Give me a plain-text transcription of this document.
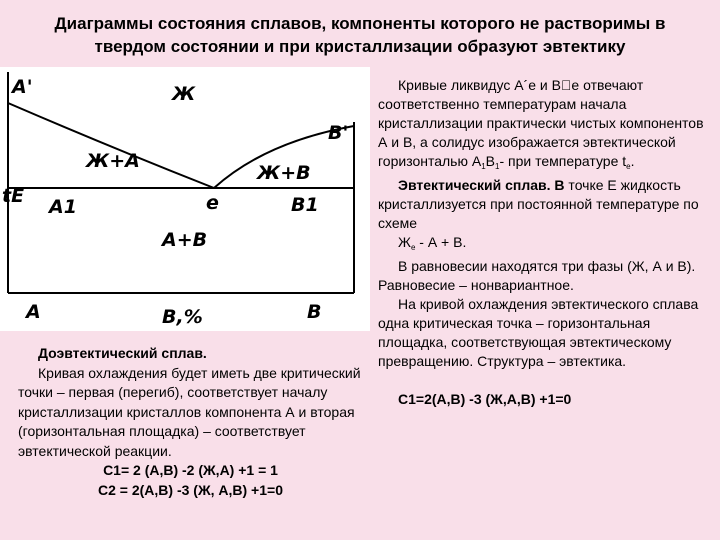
Диаграммы состояния сплавов, компоненты которого не растворимы в твердом состоянии и при кристаллизации образуют эвтектику
A'
B'
Ж
Ж+A
Ж+B
tE A1	e	B1
A+B
A	B,%	B

Кривые ликвидус А´е и В е отвечают соответственно температурам начала кристаллизации практически чистых компонентов А и В, а солидус изображается эвтектической горизонталью $А_1В_1-$ при температуре $t_e$.

Эвтектический сплав. В точке Е жидкость кристаллизуется при постоянной температуре по схеме

$Ж_е - А + В$.

В равновесии находятся три фазы (Ж, А и В). Равновесие – нонвариантное.

На кривой охлаждения эвтектического сплава одна критическая точка – горизонтальная площадка, соответствующая эвтектическому превращению. Структура – эвтектика.

С1=2(А,В) -3 (Ж,А,В) +1=0

Доэвтектический сплав.

Кривая охлаждения будет иметь две критический точки – первая (перегиб), соответствует началу кристаллизации кристаллов компонента А и вторая (горизонтальная площадка) – соответствует эвтектической реакции.

С1= 2 (А,В) -2 (Ж,А) +1 = 1

С2 = 2(А,В) -3 (Ж, А,В) +1=0
